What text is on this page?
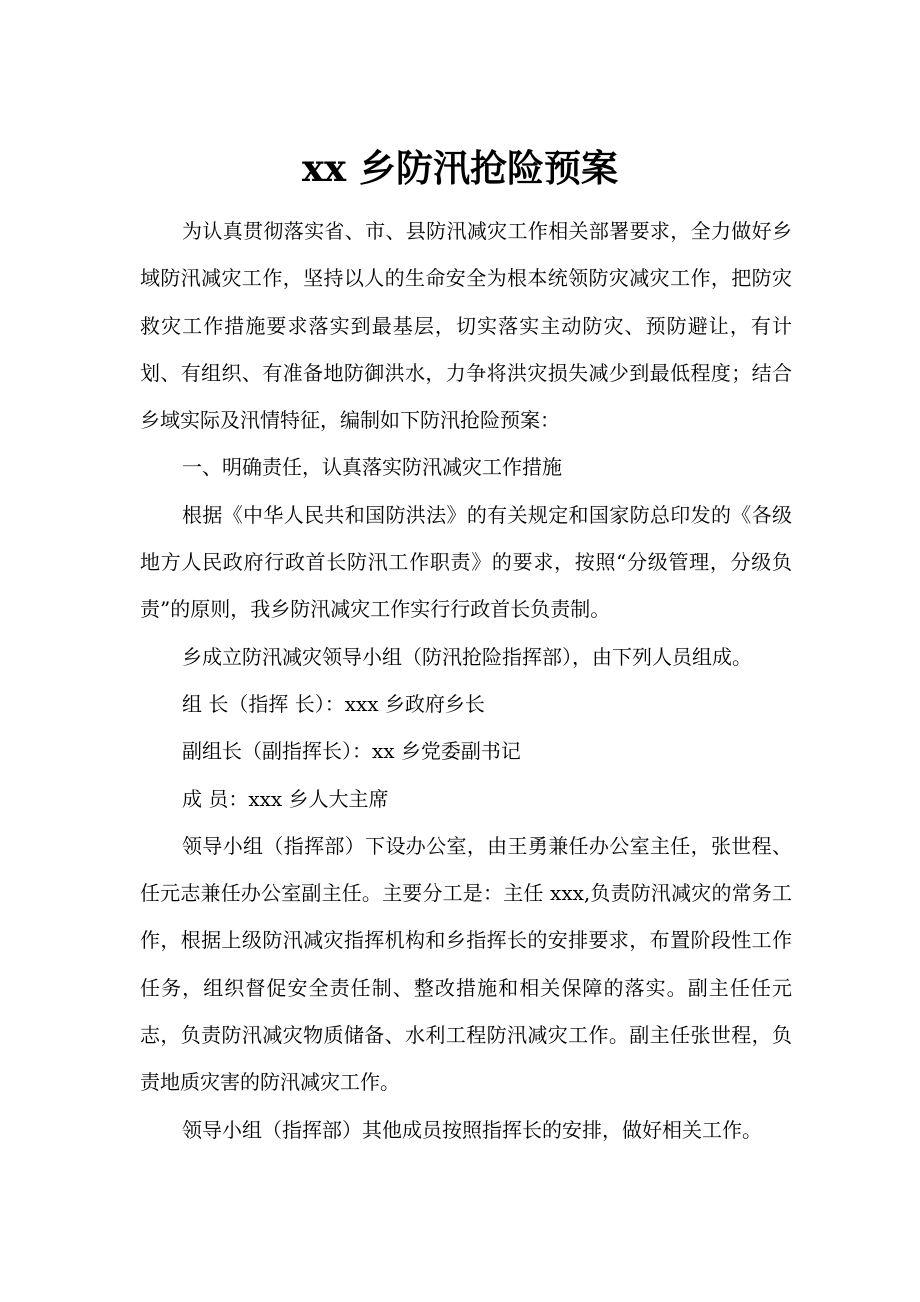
xx 乡防汛抢险预案

为认真贯彻落实省、市、县防汛减灾工作相关部署要求，全力做好乡域防汛减灾工作，坚持以人的生命安全为根本统领防灾减灾工作，把防灾救灾工作措施要求落实到最基层，切实落实主动防灾、预防避让，有计划、有组织、有准备地防御洪水，力争将洪灾损失减少到最低程度；结合乡域实际及汛情特征，编制如下防汛抢险预案：

一、明确责任，认真落实防汛减灾工作措施

根据《中华人民共和国防洪法》的有关规定和国家防总印发的《各级地方人民政府行政首长防汛工作职责》的要求，按照“分级管理，分级负责”的原则，我乡防汛减灾工作实行行政首长负责制。

乡成立防汛减灾领导小组（防汛抢险指挥部），由下列人员组成。

组 长（指挥 长）：xxx 乡政府乡长

副组长（副指挥长）：xx 乡党委副书记

成 员：xxx 乡人大主席

领导小组（指挥部）下设办公室，由王勇兼任办公室主任，张世程、任元志兼任办公室副主任。主要分工是：主任 xxx,负责防汛减灾的常务工作，根据上级防汛减灾指挥机构和乡指挥长的安排要求，布置阶段性工作任务，组织督促安全责任制、整改措施和相关保障的落实。副主任任元志，负责防汛减灾物质储备、水利工程防汛减灾工作。副主任张世程，负责地质灾害的防汛减灾工作。

领导小组（指挥部）其他成员按照指挥长的安排，做好相关工作。
